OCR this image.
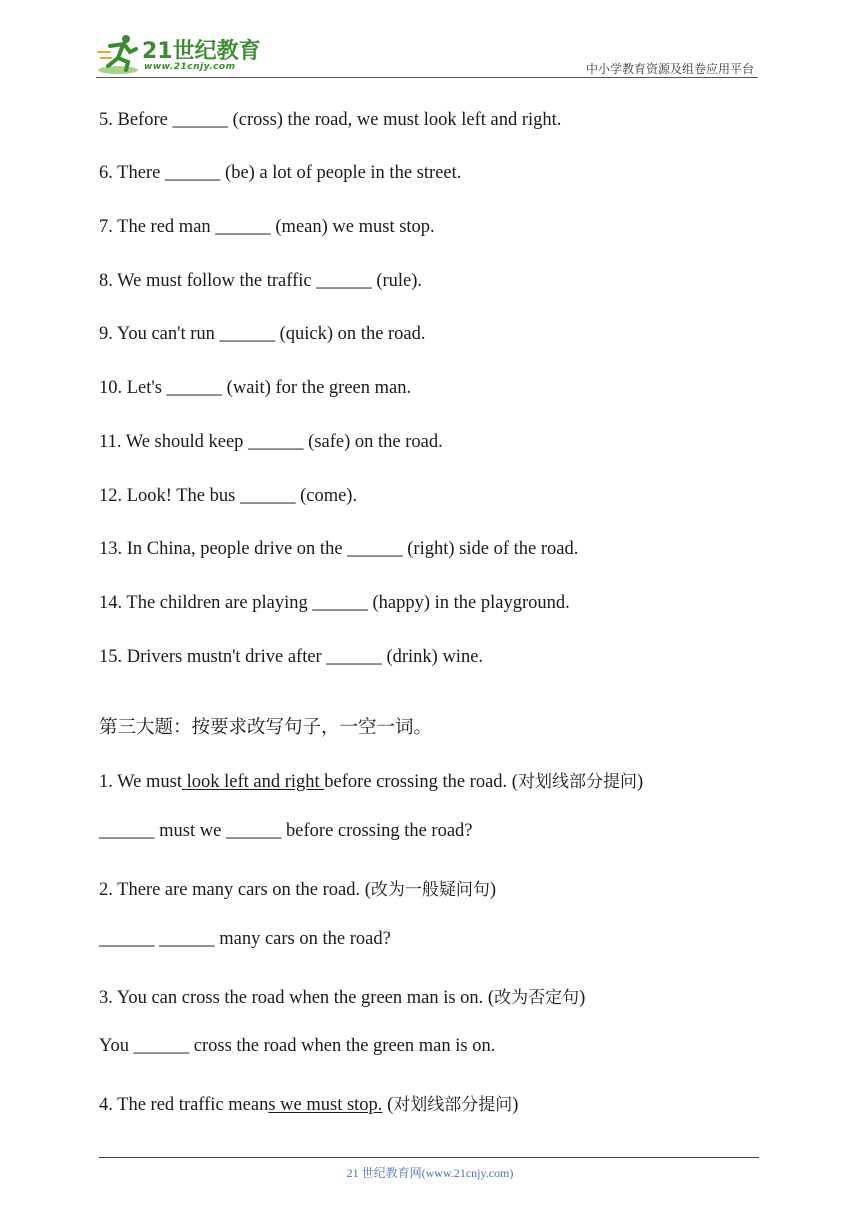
21世纪教育
www.21cnjy.com	中小学教育资源及组卷应用平台
5. Before ______ (cross) the road, we must look left and right.
6. There ______ (be) a lot of people in the street.
7. The red man ______ (mean) we must stop.
8. We must follow the traffic ______ (rule).
9. You can't run ______ (quick) on the road.
10. Let's ______ (wait) for the green man.
11. We should keep ______ (safe) on the road.
12. Look! The bus ______ (come).
13. In China, people drive on the ______ (right) side of the road.
14. The children are playing ______ (happy) in the playground.
15. Drivers mustn't drive after ______ (drink) wine.
第三大题：按要求改写句子，一空一词。
1. We must look left and right before crossing the road. (对划线部分提问)
______ must we ______ before crossing the road?
2. There are many cars on the road. (改为一般疑问句)
______ ______ many cars on the road?
3. You can cross the road when the green man is on. (改为否定句)
You ______ cross the road when the green man is on.
4. The red traffic means we must stop. (对划线部分提问)
21 世纪教育网(www.21cnjy.com)
